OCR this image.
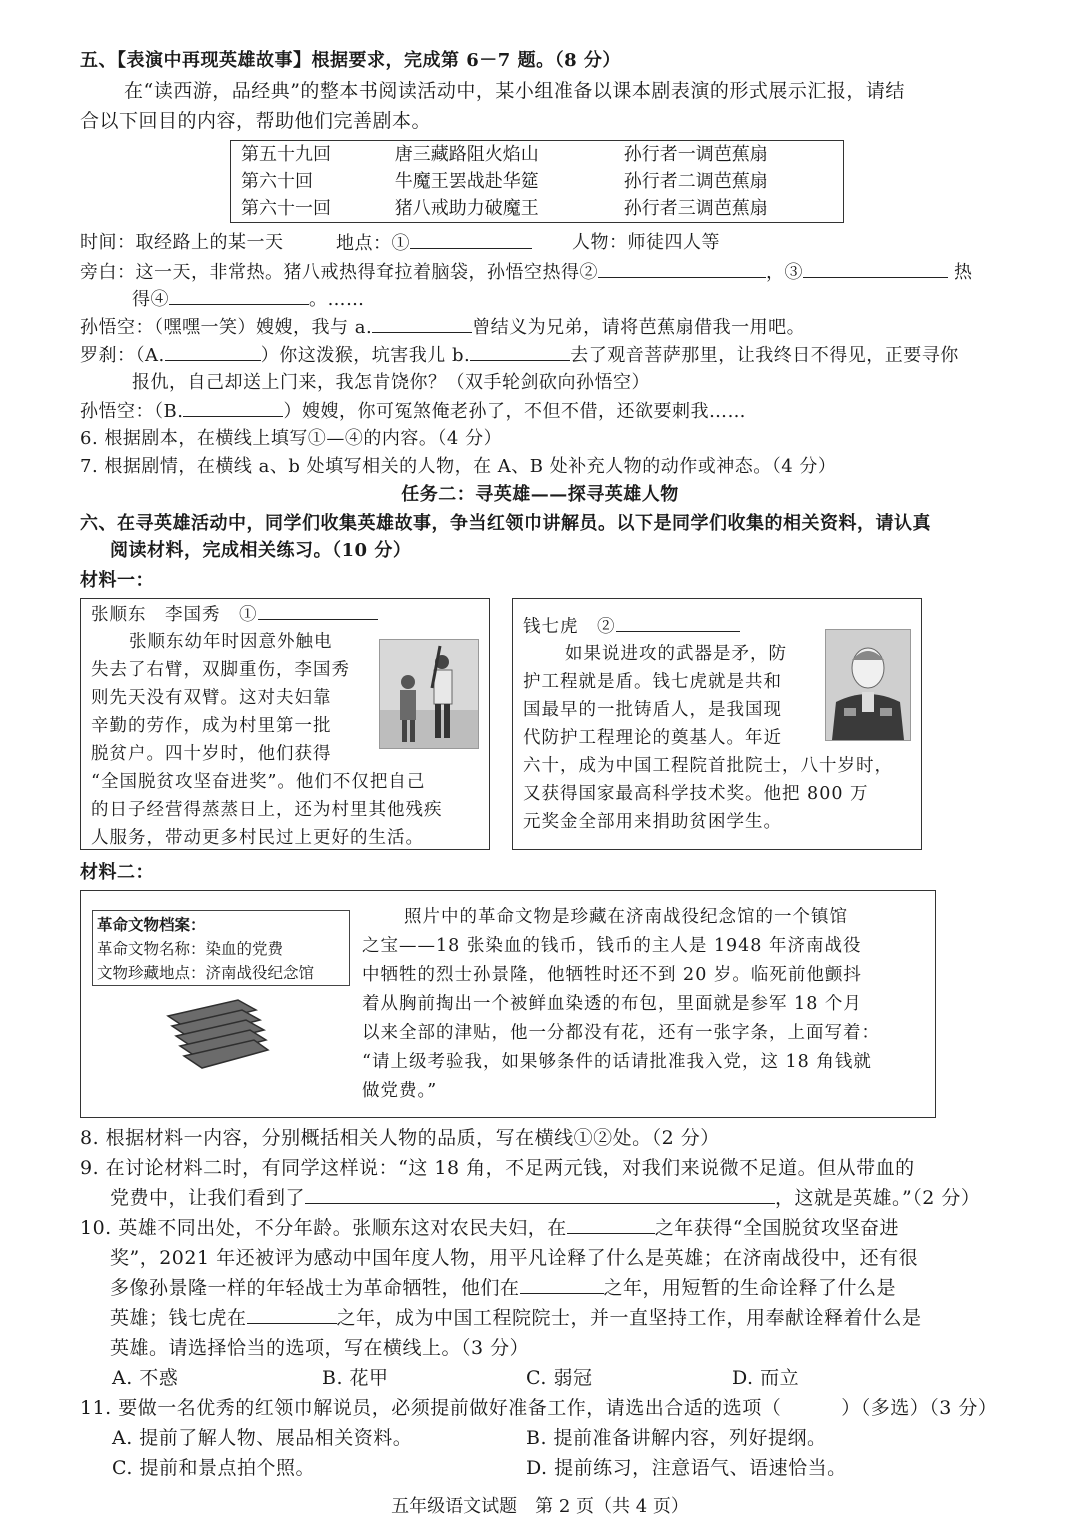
五、【表演中再现英雄故事】根据要求，完成第 6－7 题。（8 分）
在“读西游，品经典”的整本书阅读活动中，某小组准备以课本剧表演的形式展示汇报，请结
合以下回目的内容，帮助他们完善剧本。
第五十九回	唐三藏路阻火焰山	孙行者一调芭蕉扇
第六十回	牛魔王罢战赴华筵	孙行者二调芭蕉扇
第六十一回	猪八戒助力破魔王	孙行者三调芭蕉扇
时间：取经路上的某一天	地点：①	人物：师徒四人等
旁白：这一天，非常热。猪八戒热得耷拉着脑袋，孙悟空热得②	，③	热
得④	。……
孙悟空：（嘿嘿一笑）嫂嫂，我与 a.	曾结义为兄弟，请将芭蕉扇借我一用吧。
罗刹：（A.	）你这泼猴，坑害我儿 b.	去了观音菩萨那里，让我终日不得见，正要寻你
报仇，自己却送上门来，我怎肯饶你？（双手轮剑砍向孙悟空）
孙悟空：（B.	）嫂嫂，你可冤煞俺老孙了，不但不借，还欲要刺我……
6. 根据剧本，在横线上填写①—④的内容。（4 分）
7. 根据剧情，在横线 a、b 处填写相关的人物，在 A、B 处补充人物的动作或神态。（4 分）
任务二：寻英雄——探寻英雄人物
六、在寻英雄活动中，同学们收集英雄故事，争当红领巾讲解员。以下是同学们收集的相关资料，请认真
阅读材料，完成相关练习。（10 分）
材料一：
张顺东　李国秀　①
张顺东幼年时因意外触电
失去了右臂，双脚重伤，李国秀
则先天没有双臂。这对夫妇靠
辛勤的劳作，成为村里第一批
脱贫户。四十岁时，他们获得
“全国脱贫攻坚奋进奖”。他们不仅把自己
的日子经营得蒸蒸日上，还为村里其他残疾
人服务，带动更多村民过上更好的生活。
钱七虎　②
如果说进攻的武器是矛，防
护工程就是盾。钱七虎就是共和
国最早的一批铸盾人，是我国现
代防护工程理论的奠基人。年近
六十，成为中国工程院首批院士，八十岁时，
又获得国家最高科学技术奖。他把 800 万
元奖金全部用来捐助贫困学生。
材料二：
革命文物档案：
革命文物名称：染血的党费
文物珍藏地点：济南战役纪念馆
照片中的革命文物是珍藏在济南战役纪念馆的一个镇馆
之宝——18 张染血的钱币，钱币的主人是 1948 年济南战役
中牺牲的烈士孙景隆，他牺牲时还不到 20 岁。临死前他颤抖
着从胸前掏出一个被鲜血染透的布包，里面就是参军 18 个月
以来全部的津贴，他一分都没有花，还有一张字条，上面写着：
“请上级考验我，如果够条件的话请批准我入党，这 18 角钱就
做党费。”
8. 根据材料一内容，分别概括相关人物的品质，写在横线①②处。（2 分）
9. 在讨论材料二时，有同学这样说：“这 18 角，不足两元钱，对我们来说微不足道。但从带血的
党费中，让我们看到了	，这就是英雄。”（2 分）
10. 英雄不同出处，不分年龄。张顺东这对农民夫妇，在	之年获得“全国脱贫攻坚奋进
奖”，2021 年还被评为感动中国年度人物，用平凡诠释了什么是英雄；在济南战役中，还有很
多像孙景隆一样的年轻战士为革命牺牲，他们在	之年，用短暂的生命诠释了什么是
英雄；钱七虎在	之年，成为中国工程院院士，并一直坚持工作，用奉献诠释着什么是
英雄。请选择恰当的选项，写在横线上。（3 分）
A. 不惑	B. 花甲	C. 弱冠	D. 而立
11. 要做一名优秀的红领巾解说员，必须提前做好准备工作，请选出合适的选项（	）（多选）（3 分）
A. 提前了解人物、展品相关资料。	B. 提前准备讲解内容，列好提纲。
C. 提前和景点拍个照。	D. 提前练习，注意语气、语速恰当。
五年级语文试题　第 2 页（共 4 页）
